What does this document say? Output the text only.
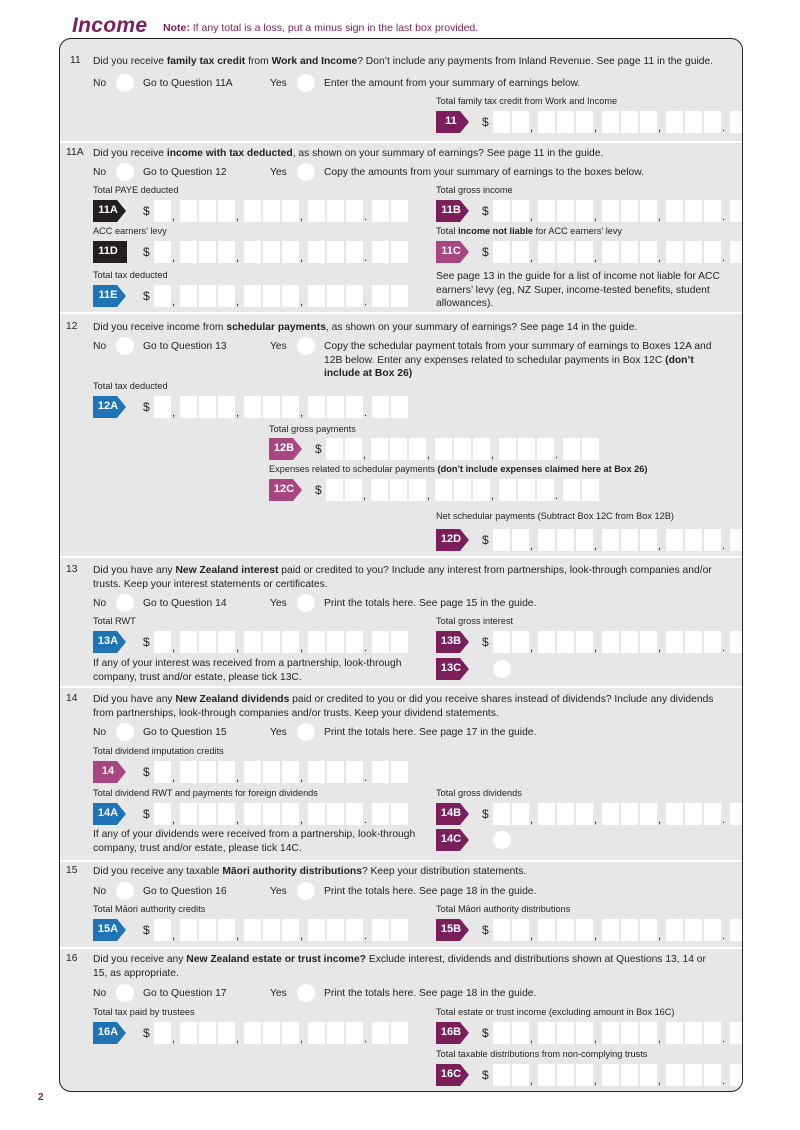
Income Note: If any total is a loss, put a minus sign in the last box provided.
11 Did you receive family tax credit from Work and Income? Don’t include any payments from Inland Revenue. See page 11 in the guide.
No	Go to Question 11A	Yes	Enter the amount from your summary of earnings below.
Total family tax credit from Work and Income
11	$	,	,	,	.
11A Did you receive income with tax deducted, as shown on your summary of earnings? See page 11 in the guide.
No	Go to Question 12	Yes	Copy the amounts from your summary of earnings to the boxes below.
Total PAYE deducted
11A $ ,	,	,	.
Total gross income
11B $	,	,	,	.
ACC earners’ levy
11D $ ,	,	,	.
Total income not liable for ACC earners’ levy
11C $	,	,	,	.
Total tax deducted
11E $ ,	,	,	.
See page 13 in the guide for a list of income not liable for ACC earners’ levy (eg, NZ Super, income-tested benefits, student allowances).
12 Did you receive income from schedular payments, as shown on your summary of earnings? See page 14 in the guide.
No	Go to Question 13	Yes	Copy the schedular payment totals from your summary of earnings to Boxes 12A and 12B below. Enter any expenses related to schedular payments in Box 12C (don’t include at Box 26)
Total tax deducted
12A $ ,	,	,	.
Total gross payments
12B $	,	,	,	.
Expenses related to schedular payments (don’t include expenses claimed here at Box 26)
12C $	,	,	,	.
Net schedular payments (Subtract Box 12C from Box 12B)
12D $	,	,	,	.
13 Did you have any New Zealand interest paid or credited to you? Include any interest from partnerships, look-through companies and/or trusts. Keep your interest statements or certificates.
No	Go to Question 14	Yes	Print the totals here. See page 15 in the guide.
Total RWT
13A $ ,	,	,	.
Total gross interest
13B $	,	,	,	.
If any of your interest was received from a partnership, look-through company, trust and/or estate, please tick 13C.
13C
14 Did you have any New Zealand dividends paid or credited to you or did you receive shares instead of dividends? Include any dividends from partnerships, look-through companies and/or trusts. Keep your dividend statements.
No	Go to Question 15	Yes	Print the totals here. See page 17 in the guide.
Total dividend imputation credits
14	$ ,	,	,	.
Total dividend RWT and payments for foreign dividends
14A $ ,	,	,	.
Total gross dividends
14B $	,	,	,	.
If any of your dividends were received from a partnership, look-through company, trust and/or estate, please tick 14C.
14C
15 Did you receive any taxable Māori authority distributions? Keep your distribution statements.
No	Go to Question 16	Yes	Print the totals here. See page 18 in the guide.
Total Māori authority credits
15A $ ,	,	,	.
Total Māori authority distributions
15B $	,	,	,	.
16 Did you receive any New Zealand estate or trust income? Exclude interest, dividends and distributions shown at Questions 13, 14 or 15, as appropriate.
No	Go to Question 17	Yes	Print the totals here. See page 18 in the guide.
Total tax paid by trustees
16A $ ,	,	,	.
Total estate or trust income (excluding amount in Box 16C)
16B $	,	,	,	.
Total taxable distributions from non-complying trusts
16C $	,	,	,	.
2
